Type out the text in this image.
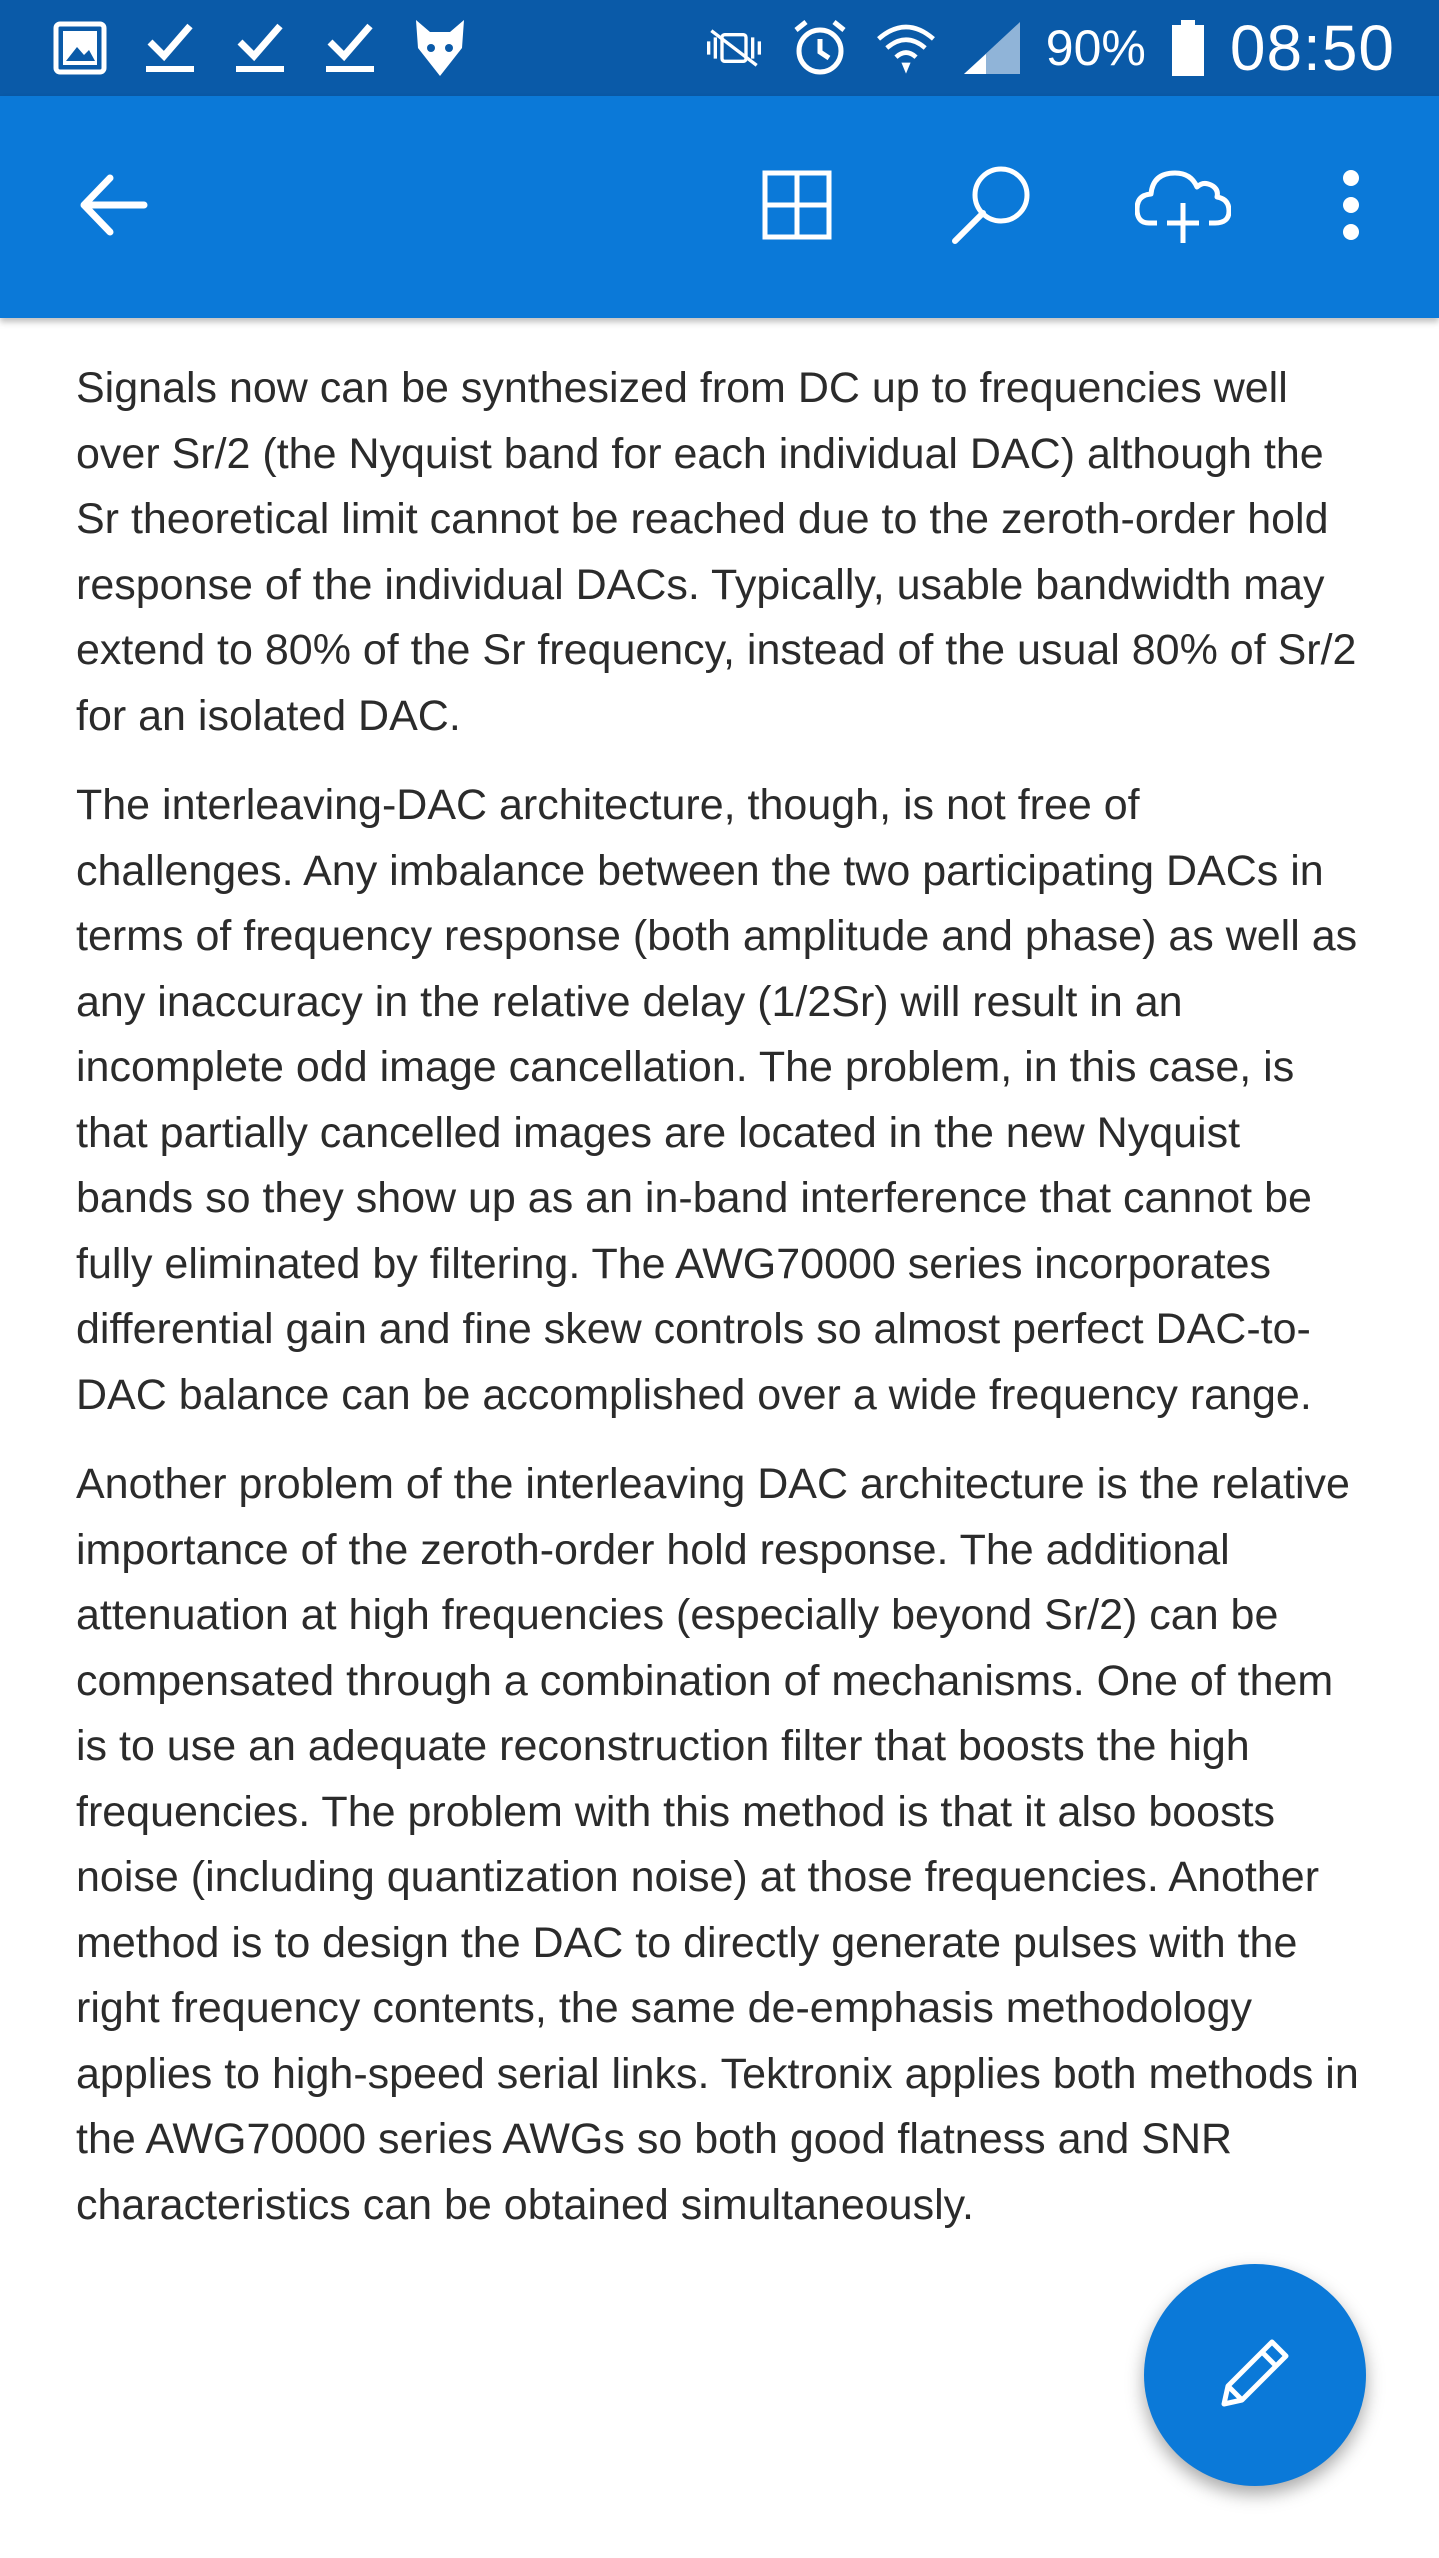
90% 08:50

Signals now can be synthesized from DC up to frequencies well over Sr/2 (the Nyquist band for each individual DAC) although the Sr theoretical limit cannot be reached due to the zeroth-order hold response of the individual DACs. Typically, usable bandwidth may extend to 80% of the Sr frequency, instead of the usual 80% of Sr/2 for an isolated DAC.

The interleaving-DAC architecture, though, is not free of challenges. Any imbalance between the two participating DACs in terms of frequency response (both amplitude and phase) as well as any inaccuracy in the relative delay (1/2Sr) will result in an incomplete odd image cancellation. The problem, in this case, is that partially cancelled images are located in the new Nyquist bands so they show up as an in-band interference that cannot be fully eliminated by filtering. The AWG70000 series incorporates differential gain and fine skew controls so almost perfect DAC-to-DAC balance can be accomplished over a wide frequency range.

Another problem of the interleaving DAC architecture is the relative importance of the zeroth-order hold response. The additional attenuation at high frequencies (especially beyond Sr/2) can be compensated through a combination of mechanisms. One of them is to use an adequate reconstruction filter that boosts the high frequencies. The problem with this method is that it also boosts noise (including quantization noise) at those frequencies. Another method is to design the DAC to directly generate pulses with the right frequency contents, the same de-emphasis methodology applies to high-speed serial links. Tektronix applies both methods in the AWG70000 series AWGs so both good flatness and SNR characteristics can be obtained simultaneously.
